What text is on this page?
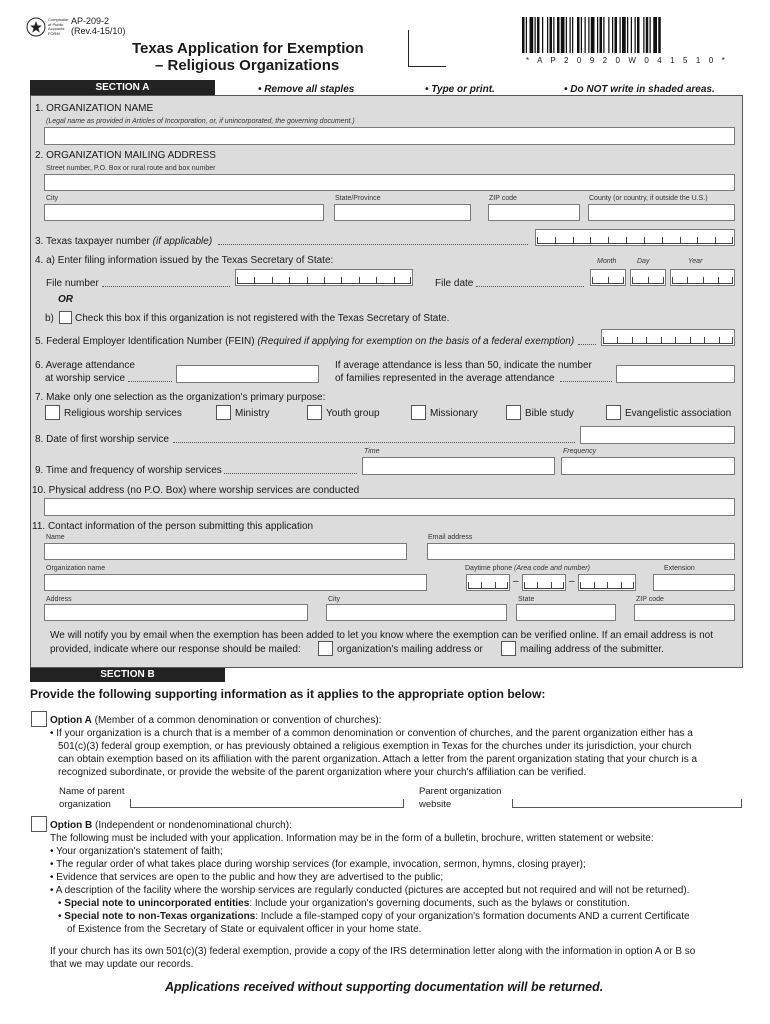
Comptroller of Public Accounts FORM
AP-209-2
(Rev.4-15/10)
Texas Application for Exemption
– Religious Organizations	* A P 2 0 9 2 0 W 0 4 1 5 1 0 *
SECTION A	• Remove all staples	• Type or print.	• Do NOT write in shaded areas.
1. ORGANIZATION NAME
(Legal name as provided in Articles of Incorporation, or, if unincorporated, the governing document.)
2. ORGANIZATION MAILING ADDRESS
Street number, P.O. Box or rural route and box number
City	State/Province	ZIP code	County (or country, if outside the U.S.)
3. Texas taxpayer number (if applicable)
4. a) Enter filing information issued by the Texas Secretary of State:	Month	Day	Year
File number	File date
OR
b) Check this box if this organization is not registered with the Texas Secretary of State.
5. Federal Employer Identification Number (FEIN) (Required if applying for exemption on the basis of a federal exemption)
6. Average attendance
at worship service
If average attendance is less than 50, indicate the number
of families represented in the average attendance
7. Make only one selection as the organization's primary purpose:
Religious worship services	Ministry	Youth group	Missionary	Bible study	Evangelistic association
8. Date of first worship service
Time	Frequency
9. Time and frequency of worship services
10. Physical address (no P.O. Box) where worship services are conducted
11. Contact information of the person submitting this application
Name	Email address
Organization name	Daytime phone (Area code and number)	Extension
–	–
Address	City	State	ZIP code
We will notify you by email when the exemption has been added to let you know where the exemption can be verified online. If an email address is not
provided, indicate where our response should be mailed:	organization's mailing address or	mailing address of the submitter.
SECTION B
Provide the following supporting information as it applies to the appropriate option below:
Option A (Member of a common denomination or convention of churches):
• If your organization is a church that is a member of a common denomination or convention of churches, and the parent organization either has a
501(c)(3) federal group exemption, or has previously obtained a religious exemption in Texas for the churches under its jurisdiction, your church
can obtain exemption based on its affiliation with the parent organization. Attach a letter from the parent organization stating that your church is a
recognized subordinate, or provide the website of the parent organization where your church's affiliation can be verified.
Name of parent
organization
Parent organization
website
Option B (Independent or nondenominational church):
The following must be included with your application. Information may be in the form of a bulletin, brochure, written statement or website:
• Your organization's statement of faith;
• The regular order of what takes place during worship services (for example, invocation, sermon, hymns, closing prayer);
• Evidence that services are open to the public and how they are advertised to the public;
• A description of the facility where the worship services are regularly conducted (pictures are accepted but not required and will not be returned).
• Special note to unincorporated entities: Include your organization's governing documents, such as the bylaws or constitution.
• Special note to non-Texas organizations: Include a file-stamped copy of your organization's formation documents AND a current Certificate
of Existence from the Secretary of State or equivalent officer in your home state.
If your church has its own 501(c)(3) federal exemption, provide a copy of the IRS determination letter along with the information in option A or B so
that we may update our records.
Applications received without supporting documentation will be returned.
